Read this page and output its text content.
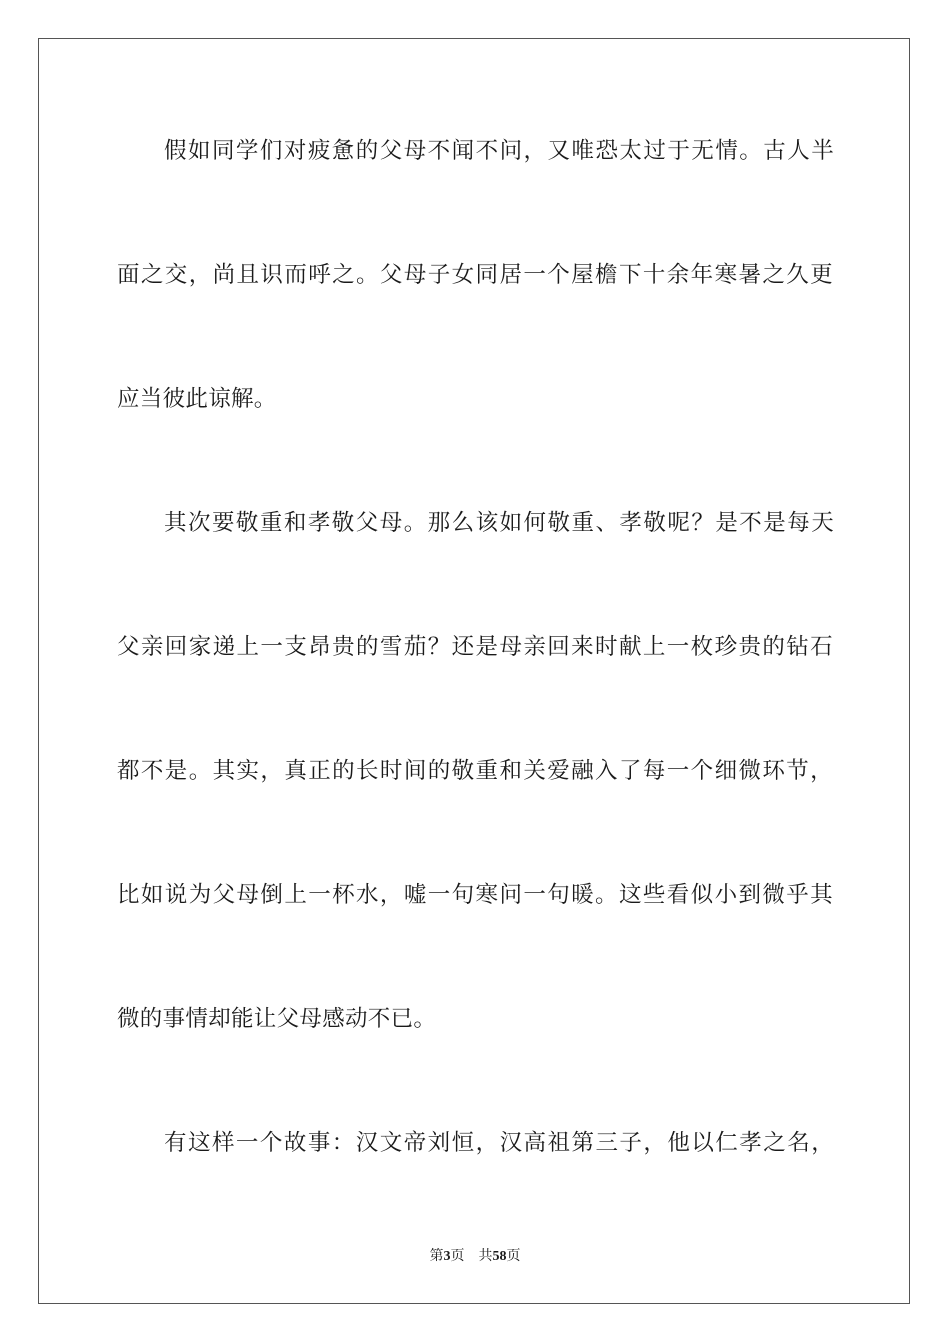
假如同学们对疲惫的父母不闻不问，又唯恐太过于无情。古人半
面之交，尚且识而呼之。父母子女同居一个屋檐下十余年寒暑之久更
应当彼此谅解。
其次要敬重和孝敬父母。那么该如何敬重、孝敬呢？是不是每天
父亲回家递上一支昂贵的雪茄？还是母亲回来时献上一枚珍贵的钻石
都不是。其实，真正的长时间的敬重和关爱融入了每一个细微环节，
比如说为父母倒上一杯水，嘘一句寒问一句暖。这些看似小到微乎其
微的事情却能让父母感动不已。
有这样一个故事：汉文帝刘恒，汉高祖第三子，他以仁孝之名，
第3页 共58页
